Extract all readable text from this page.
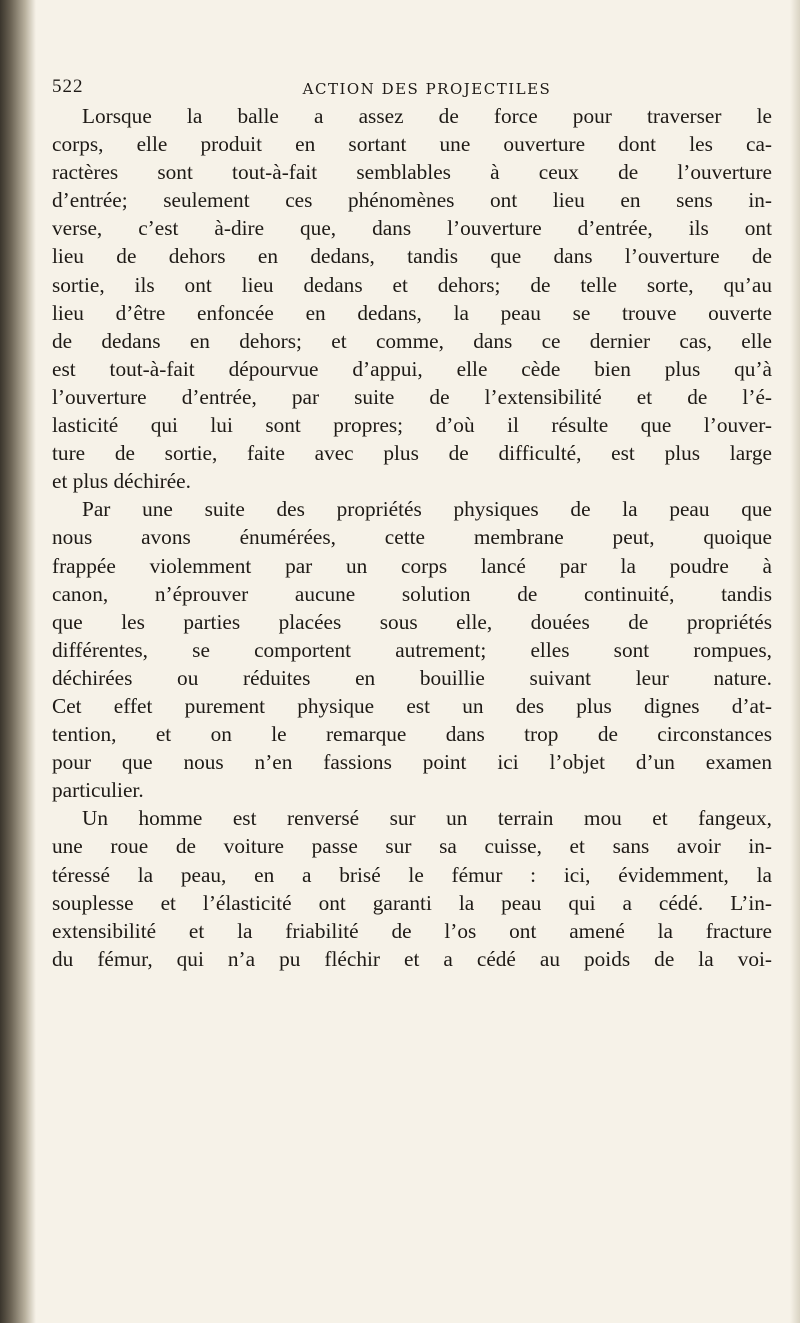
522	ACTION DES PROJECTILES

Lorsque la balle a assez de force pour traverser le
corps, elle produit en sortant une ouverture dont les ca-
ractères sont tout-à-fait semblables à ceux de l’ouverture
d’entrée; seulement ces phénomènes ont lieu en sens in-
verse, c’est à-dire que, dans l’ouverture d’entrée, ils ont
lieu de dehors en dedans, tandis que dans l’ouverture de
sortie, ils ont lieu dedans et dehors; de telle sorte, qu’au
lieu d’être enfoncée en dedans, la peau se trouve ouverte
de dedans en dehors; et comme, dans ce dernier cas, elle
est tout-à-fait dépourvue d’appui, elle cède bien plus qu’à
l’ouverture d’entrée, par suite de l’extensibilité et de l’é-
lasticité qui lui sont propres; d’où il résulte que l’ouver-
ture de sortie, faite avec plus de difficulté, est plus large
et plus déchirée.

Par une suite des propriétés physiques de la peau que
nous avons énumérées, cette membrane peut, quoique
frappée violemment par un corps lancé par la poudre à
canon, n’éprouver aucune solution de continuité, tandis
que les parties placées sous elle, douées de propriétés
différentes, se comportent autrement; elles sont rompues,
déchirées ou réduites en bouillie suivant leur nature.
Cet effet purement physique est un des plus dignes d’at-
tention, et on le remarque dans trop de circonstances
pour que nous n’en fassions point ici l’objet d’un examen
particulier.

Un homme est renversé sur un terrain mou et fangeux,
une roue de voiture passe sur sa cuisse, et sans avoir in-
téressé la peau, en a brisé le fémur : ici, évidemment, la
souplesse et l’élasticité ont garanti la peau qui a cédé. L’in-
extensibilité et la friabilité de l’os ont amené la fracture
du fémur, qui n’a pu fléchir et a cédé au poids de la voi-
